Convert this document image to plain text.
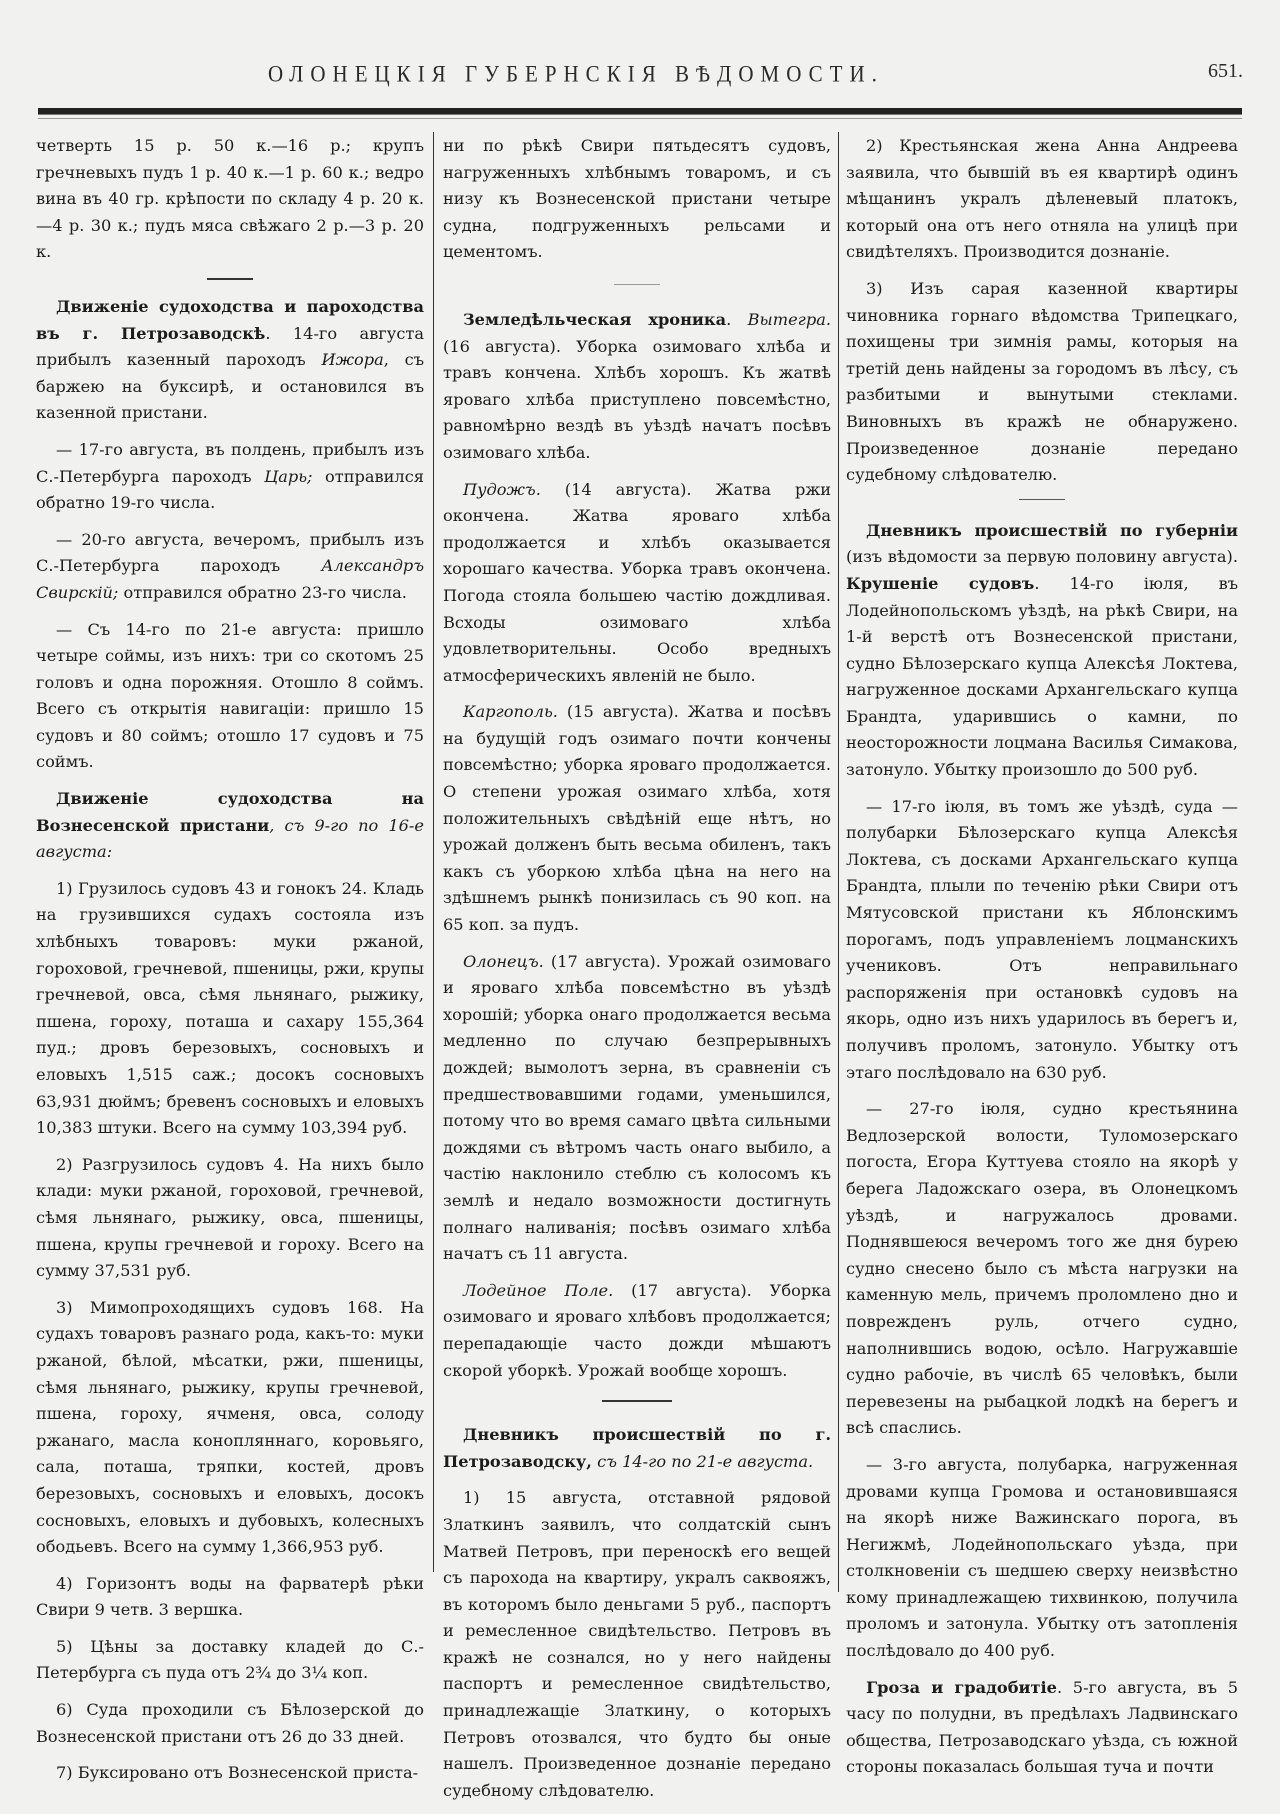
ОЛОНЕЦКІЯ ГУБЕРНСКІЯ ВѢДОМОСТИ.	651.

четверть 15 р. 50 к.—16 р.; крупъ гречневыхъ пудъ 1 р. 40 к.—1 р. 60 к.; ведро вина въ 40 гр. крѣпости по складу 4 р. 20 к. —4 р. 30 к.; пудъ мяса свѣжаго 2 р.—3 р. 20 к.

Движеніе судоходства и пароходства въ г. Петрозаводскѣ. 14-го августа прибылъ казенный пароходъ Ижора, съ баржею на буксирѣ, и остановился въ казенной пристани.

— 17-го августа, въ полдень, прибылъ изъ С.-Петербурга пароходъ Царь; отправился обратно 19-го числа.

— 20-го августа, вечеромъ, прибылъ изъ С.-Петербурга пароходъ Александръ Свирскій; отправился обратно 23-го числа.

— Съ 14-го по 21-е августа: пришло четыре соймы, изъ нихъ: три со скотомъ 25 головъ и одна порожняя. Отошло 8 соймъ. Всего съ открытія навигаціи: пришло 15 судовъ и 80 соймъ; отошло 17 судовъ и 75 соймъ.

Движеніе судоходства на Вознесенской пристани, съ 9-го по 16-е августа:

1) Грузилось судовъ 43 и гонокъ 24. Кладь на грузившихся судахъ состояла изъ хлѣбныхъ товаровъ: муки ржаной, гороховой, гречневой, пшеницы, ржи, крупы гречневой, овса, сѣмя льнянаго, рыжику, пшена, гороху, поташа и сахару 155,364 пуд.; дровъ березовыхъ, сосновыхъ и еловыхъ 1,515 саж.; досокъ сосновыхъ 63,931 дюймъ; бревенъ сосновыхъ и еловыхъ 10,383 штуки. Всего на сумму 103,394 руб.

2) Разгрузилось судовъ 4. На нихъ было клади: муки ржаной, гороховой, гречневой, сѣмя льнянаго, рыжику, овса, пшеницы, пшена, крупы гречневой и гороху. Всего на сумму 37,531 руб.

3) Мимопроходящихъ судовъ 168. На судахъ товаровъ разнаго рода, какъ-то: муки ржаной, бѣлой, мѣсатки, ржи, пшеницы, сѣмя льнянаго, рыжику, крупы гречневой, пшена, гороху, ячменя, овса, солоду ржанаго, масла конопляннаго, коровьяго, сала, поташа, тряпки, костей, дровъ березовыхъ, сосновыхъ и еловыхъ, досокъ сосновыхъ, еловыхъ и дубовыхъ, колесныхъ ободьевъ. Всего на сумму 1,366,953 руб.

4) Горизонтъ воды на фарватерѣ рѣки Свири 9 четв. 3 вершка.

5) Цѣны за доставку кладей до С.-Петербурга съ пуда отъ 2¾ до 3¼ коп.

6) Суда проходили съ Бѣлозерской до Вознесенской пристани отъ 26 до 33 дней.

7) Буксировано отъ Вознесенской приста-

ни по рѣкѣ Свири пятьдесятъ судовъ, нагруженныхъ хлѣбнымъ товаромъ, и съ низу къ Вознесенской пристани четыре судна, подгруженныхъ рельсами и цементомъ.

Земледѣльческая хроника. Вытегра. (16 августа). Уборка озимоваго хлѣба и травъ кончена. Хлѣбъ хорошъ. Къ жатвѣ яроваго хлѣба приступлено повсемѣстно, равномѣрно вездѣ въ уѣздѣ начатъ посѣвъ озимоваго хлѣба.

Пудожъ. (14 августа). Жатва ржи окончена. Жатва яроваго хлѣба продолжается и хлѣбъ оказывается хорошаго качества. Уборка травъ окончена. Погода стояла большею частію дождливая. Всходы озимоваго хлѣба удовлетворительны. Особо вредныхъ атмосферическихъ явленій не было.

Каргополь. (15 августа). Жатва и посѣвъ на будущій годъ озимаго почти кончены повсемѣстно; уборка яроваго продолжается. О степени урожая озимаго хлѣба, хотя положительныхъ свѣдѣній еще нѣтъ, но урожай долженъ быть весьма обиленъ, такъ какъ съ уборкою хлѣба цѣна на него на здѣшнемъ рынкѣ понизилась съ 90 коп. на 65 коп. за пудъ.

Олонецъ. (17 августа). Урожай озимоваго и яроваго хлѣба повсемѣстно въ уѣздѣ хорошій; уборка онаго продолжается весьма медленно по случаю безпрерывныхъ дождей; вымолотъ зерна, въ сравненіи съ предшествовавшими годами, уменьшился, потому что во время самаго цвѣта сильными дождями съ вѣтромъ часть онаго выбило, а частію наклонило стеблю съ колосомъ къ землѣ и недало возможности достигнуть полнаго наливанія; посѣвъ озимаго хлѣба начатъ съ 11 августа.

Лодейное Поле. (17 августа). Уборка озимоваго и яроваго хлѣбовъ продолжается; перепадающіе часто дожди мѣшаютъ скорой уборкѣ. Урожай вообще хорошъ.

Дневникъ происшествій по г. Петрозаводску, съ 14-го по 21-е августа.

1) 15 августа, отставной рядовой Златкинъ заявилъ, что солдатскій сынъ Матвей Петровъ, при переноскѣ его вещей съ парохода на квартиру, укралъ саквояжъ, въ которомъ было деньгами 5 руб., паспортъ и ремесленное свидѣтельство. Петровъ въ кражѣ не сознался, но у него найдены паспортъ и ремесленное свидѣтельство, принадлежащіе Златкину, о которыхъ Петровъ отозвался, что будто бы оные нашелъ. Произведенное дознаніе передано судебному слѣдователю.

2) Крестьянская жена Анна Андреева заявила, что бывшій въ ея квартирѣ одинъ мѣщанинъ укралъ дѣленевый платокъ, который она отъ него отняла на улицѣ при свидѣтеляхъ. Производится дознаніе.

3) Изъ сарая казенной квартиры чиновника горнаго вѣдомства Трипецкаго, похищены три зимнія рамы, которыя на третій день найдены за городомъ въ лѣсу, съ разбитыми и вынутыми стеклами. Виновныхъ въ кражѣ не обнаружено. Произведенное дознаніе передано судебному слѣдователю.

Дневникъ происшествій по губерніи (изъ вѣдомости за первую половину августа). Крушеніе судовъ. 14-го іюля, въ Лодейнопольскомъ уѣздѣ, на рѣкѣ Свири, на 1-й верстѣ отъ Вознесенской пристани, судно Бѣлозерскаго купца Алексѣя Локтева, нагруженное досками Архангельскаго купца Брандта, ударившись о камни, по неосторожности лоцмана Василья Симакова, затонуло. Убытку произошло до 500 руб.

— 17-го іюля, въ томъ же уѣздѣ, суда — полубарки Бѣлозерскаго купца Алексѣя Локтева, съ досками Архангельскаго купца Брандта, плыли по теченію рѣки Свири отъ Мятусовской пристани къ Яблонскимъ порогамъ, подъ управленіемъ лоцманскихъ учениковъ. Отъ неправильнаго распоряженія при остановкѣ судовъ на якорь, одно изъ нихъ ударилось въ берегъ и, получивъ проломъ, затонуло. Убытку отъ этаго послѣдовало на 630 руб.

— 27-го іюля, судно крестьянина Ведлозерской волости, Туломозерскаго погоста, Егора Куттуева стояло на якорѣ у берега Ладожскаго озера, въ Олонецкомъ уѣздѣ, и нагружалось дровами. Поднявшеюся вечеромъ того же дня бурею судно снесено было съ мѣста нагрузки на каменную мель, причемъ проломлено дно и поврежденъ руль, отчего судно, наполнившись водою, осѣло. Нагружавшіе судно рабочіе, въ числѣ 65 человѣкъ, были перевезены на рыбацкой лодкѣ на берегъ и всѣ спаслись.

— 3-го августа, полубарка, нагруженная дровами купца Громова и остановившаяся на якорѣ ниже Важинскаго порога, въ Негижмѣ, Лодейнопольскаго уѣзда, при столкновеніи съ шедшею сверху неизвѣстно кому принадлежащею тихвинкою, получила проломъ и затонула. Убытку отъ затопленія послѣдовало до 400 руб.

Гроза и градобитіе. 5-го августа, въ 5 часу по полудни, въ предѣлахъ Ладвинскаго общества, Петрозаводскаго уѣзда, съ южной стороны показалась большая туча и почти
